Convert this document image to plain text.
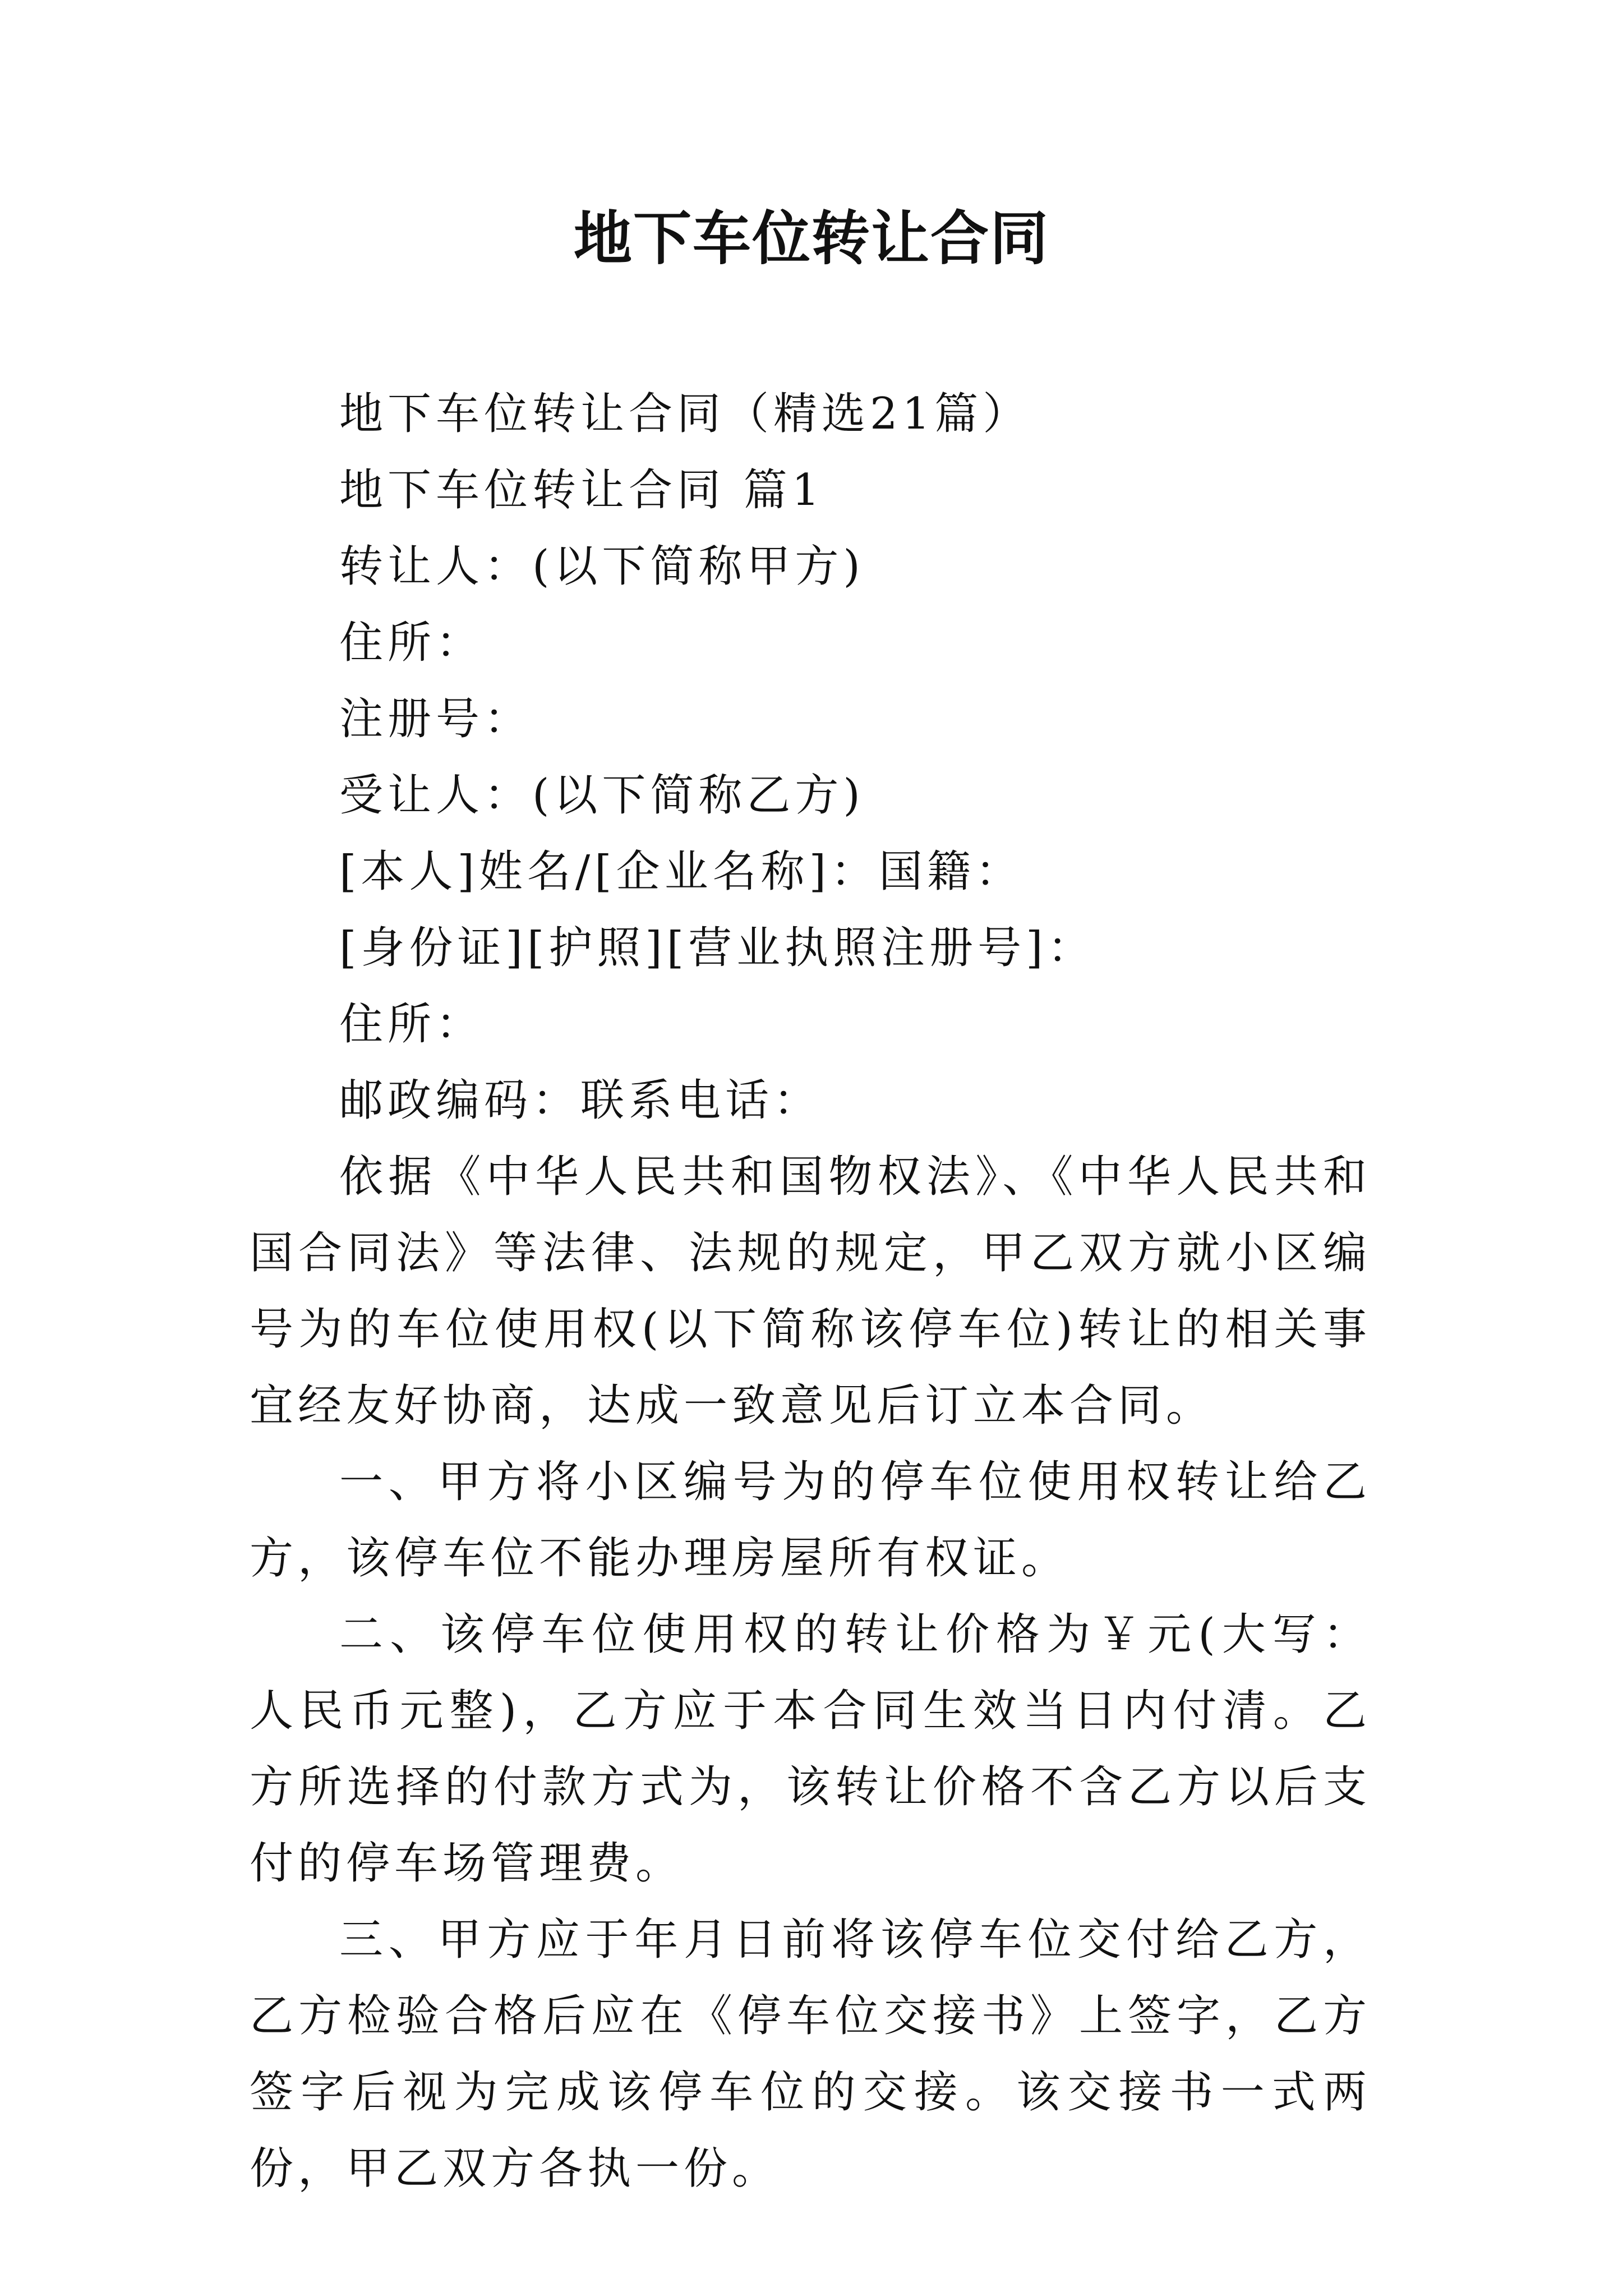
地下车位转让合同
地下车位转让合同（精选21篇）
地下车位转让合同 篇1
转让人：(以下简称甲方)
住所：
注册号：
受让人：(以下简称乙方)
[本人]姓名/[企业名称]：国籍：
[身份证][护照][营业执照注册号]：
住所：
邮政编码：联系电话：
依据《中华人民共和国物权法》、《中华人民共和国合同法》等法律、法规的规定，甲乙双方就小区编号为的车位使用权(以下简称该停车位)转让的相关事宜经友好协商，达成一致意见后订立本合同。
一、甲方将小区编号为的停车位使用权转让给乙方，该停车位不能办理房屋所有权证。
二、该停车位使用权的转让价格为￥元(大写：人民币元整)，乙方应于本合同生效当日内付清。乙方所选择的付款方式为，该转让价格不含乙方以后支付的停车场管理费。
三、甲方应于年月日前将该停车位交付给乙方，乙方检验合格后应在《停车位交接书》上签字，乙方签字后视为完成该停车位的交接。该交接书一式两份，甲乙双方各执一份。
